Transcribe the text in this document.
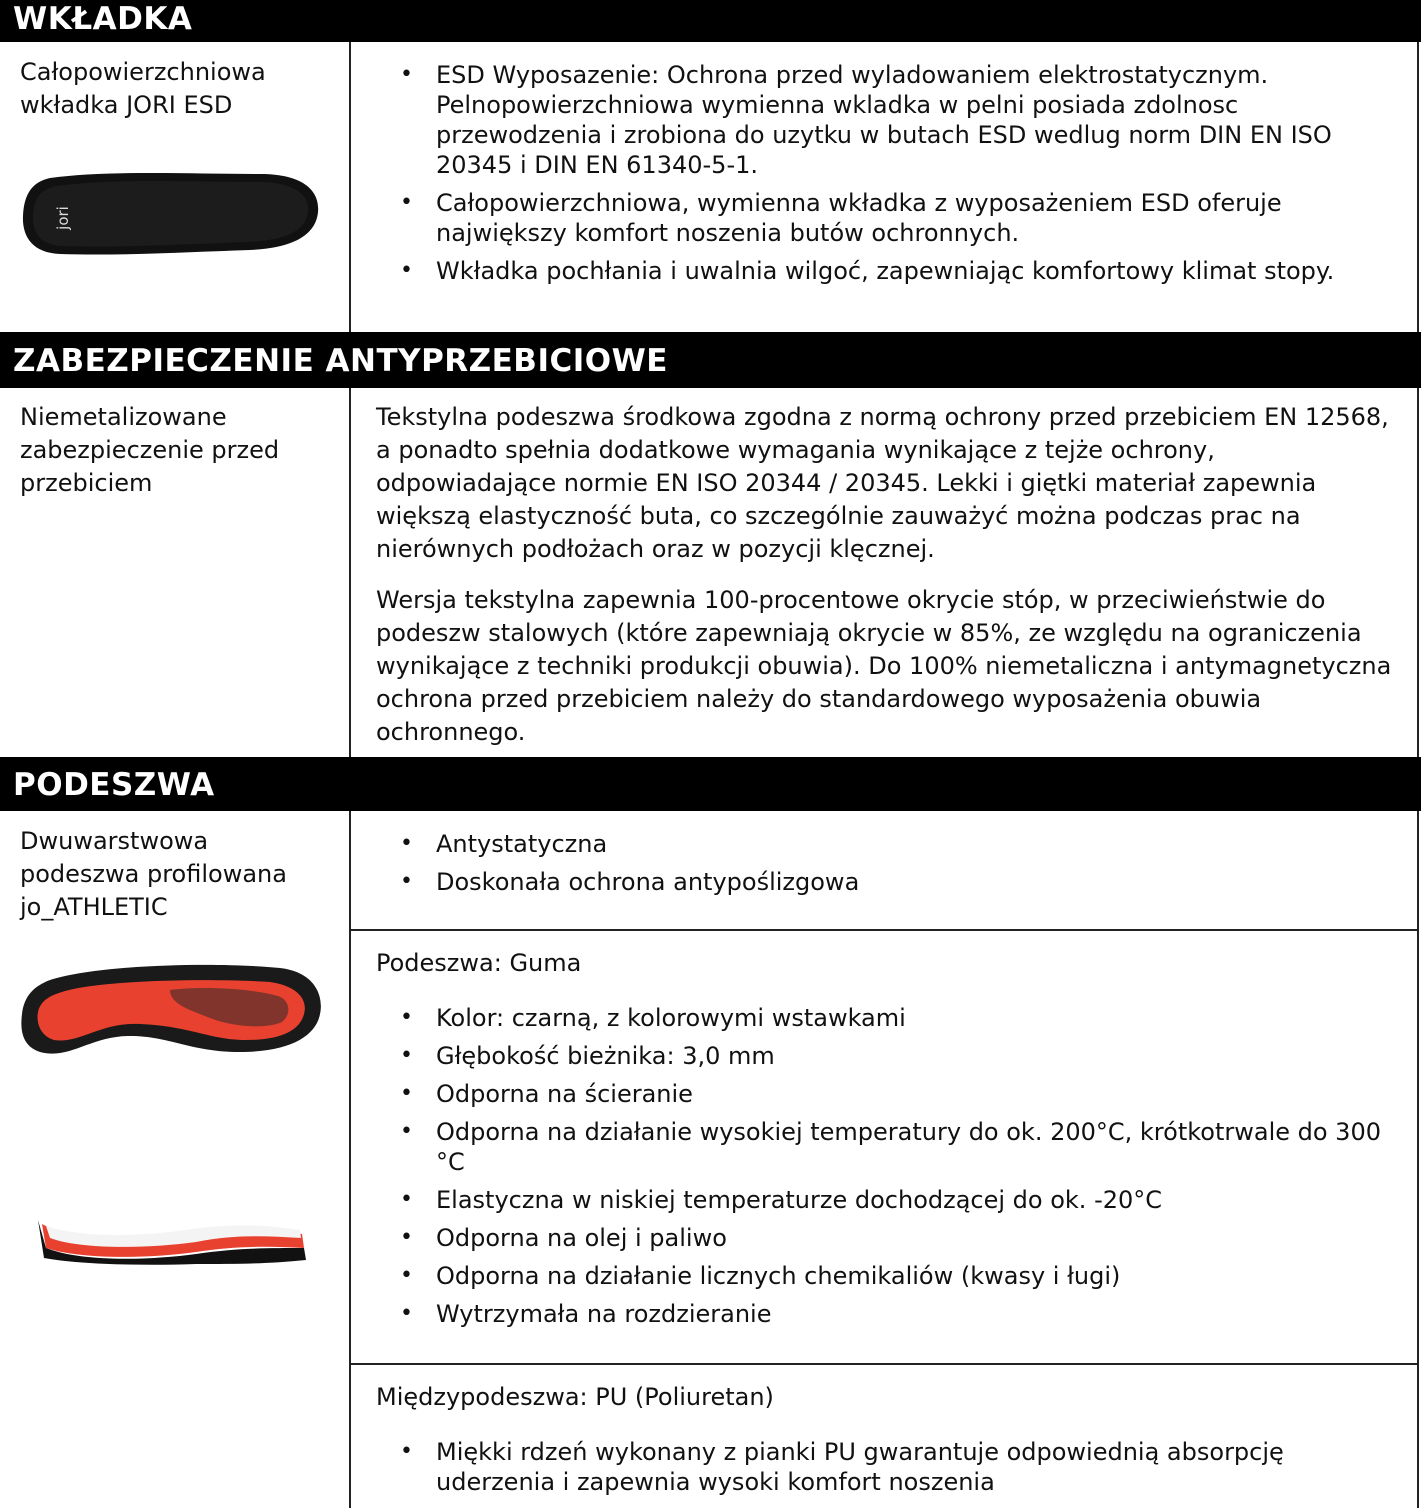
WKŁADKA
Całopowierzchniowa wkładka JORI ESD
jori
• ESD Wyposazenie: Ochrona przed wyladowaniem elektrostatycznym. Pelnopowierzchniowa wymienna wkladka w pelni posiada zdolnosc przewodzenia i zrobiona do uzytku w butach ESD wedlug norm DIN EN ISO 20345 i DIN EN 61340-5-1.
• Całopowierzchniowa, wymienna wkładka z wyposażeniem ESD oferuje największy komfort noszenia butów ochronnych.
• Wkładka pochłania i uwalnia wilgoć, zapewniając komfortowy klimat stopy.
ZABEZPIECZENIE ANTYPRZEBICIOWE
Niemetalizowane zabezpieczenie przed przebiciem

Tekstylna podeszwa środkowa zgodna z normą ochrony przed przebiciem EN 12568, a ponadto spełnia dodatkowe wymagania wynikające z tejże ochrony, odpowiadające normie EN ISO 20344 / 20345. Lekki i giętki materiał zapewnia większą elastyczność buta, co szczególnie zauważyć można podczas prac na nierównych podłożach oraz w pozycji klęcznej.

Wersja tekstylna zapewnia 100-procentowe okrycie stóp, w przeciwieństwie do podeszw stalowych (które zapewniają okrycie w 85%, ze względu na ograniczenia wynikające z techniki produkcji obuwia). Do 100% niemetaliczna i antymagnetyczna ochrona przed przebiciem należy do standardowego wyposażenia obuwia ochronnego.

PODESZWA
Dwuwarstwowa podeszwa profilowana jo_ATHLETIC
• Antystatyczna
• Doskonała ochrona antypoślizgowa

Podeszwa: Guma

• Kolor: czarną, z kolorowymi wstawkami
• Głębokość bieżnika: 3,0 mm
• Odporna na ścieranie
• Odporna na działanie wysokiej temperatury do ok. 200°C, krótkotrwale do 300 °C
• Elastyczna w niskiej temperaturze dochodzącej do ok. -20°C
• Odporna na olej i paliwo
• Odporna na działanie licznych chemikaliów (kwasy i ługi)
• Wytrzymała na rozdzieranie

Międzypodeszwa: PU (Poliuretan)

• Miękki rdzeń wykonany z pianki PU gwarantuje odpowiednią absorpcję uderzenia i zapewnia wysoki komfort noszenia
